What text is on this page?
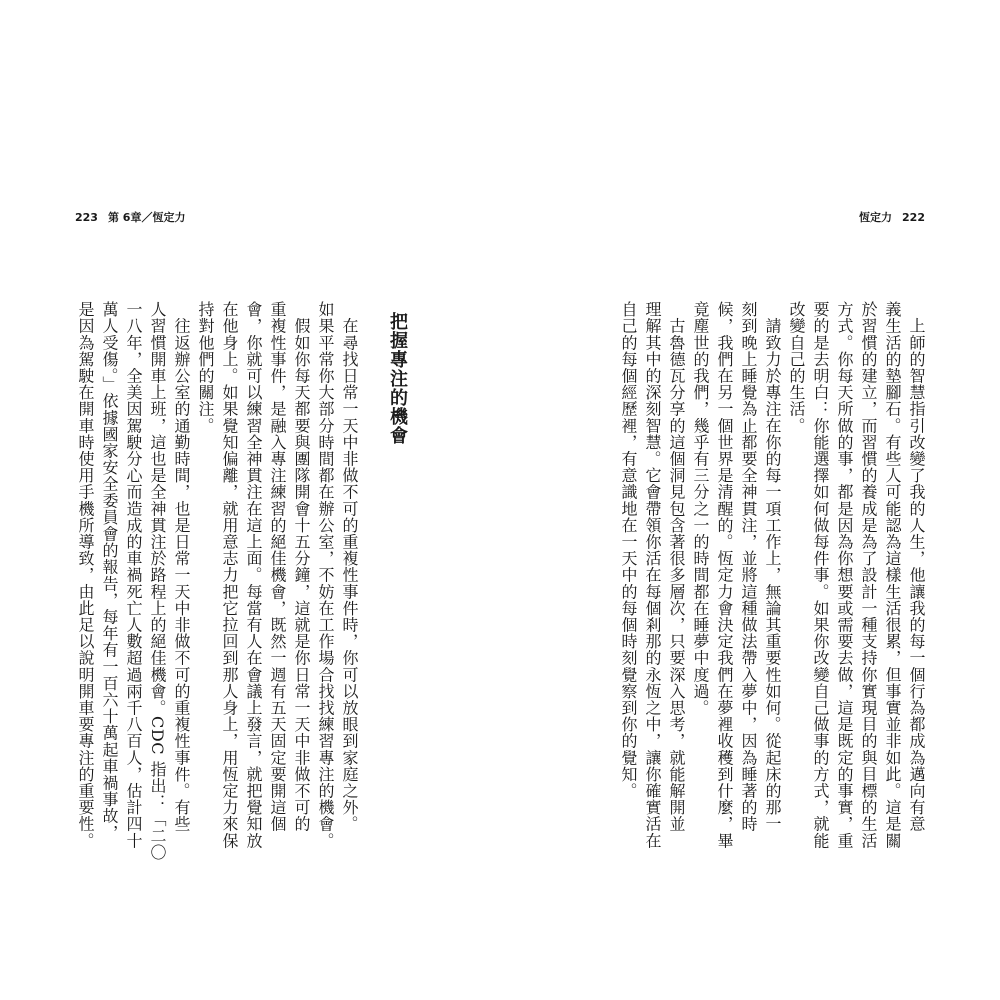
223 第 6章／恆定力	恆定力 222
　上師的智慧指引改變了我的人生，他讓我的每一個行為都成為邁向有意
義生活的墊腳石。有些人可能認為這樣生活很累，但事實並非如此。這是關
於習慣的建立，而習慣的養成是為了設計一種支持你實現目的與目標的生活
方式。你每天所做的事，都是因為你想要或需要去做，這是既定的事實，重
要的是去明白：你能選擇如何做每件事。如果你改變自己做事的方式，就能
改變自己的生活。
　請致力於專注在你的每一項工作上，無論其重要性如何。從起床的那一
刻到晚上睡覺為止都要全神貫注，並將這種做法帶入夢中，因為睡著的時
候，我們在另一個世界是清醒的。恆定力會決定我們在夢裡收穫到什麼，畢
竟塵世的我們，幾乎有三分之一的時間都在睡夢中度過。
　古魯德瓦分享的這個洞見包含著很多層次，只要深入思考，就能解開並
理解其中的深刻智慧。它會帶領你活在每個剎那的永恆之中，讓你確實活在
自己的每個經歷裡，有意識地在一天中的每個時刻覺察到你的覺知。
把握專注的機會
　在尋找日常一天中非做不可的重複性事件時，你可以放眼到家庭之外。
如果平常你大部分時間都在辦公室，不妨在工作場合找找練習專注的機會。
　假如你每天都要與團隊開會十五分鐘，這就是你日常一天中非做不可的
重複性事件，是融入專注練習的絕佳機會，既然一週有五天固定要開這個
會，你就可以練習全神貫注在這上面。每當有人在會議上發言，就把覺知放
在他身上。如果覺知偏離，就用意志力把它拉回到那人身上，用恆定力來保
持對他們的關注。
　往返辦公室的通勤時間，也是日常一天中非做不可的重複性事件。有些
人習慣開車上班，這也是全神貫注於路程上的絕佳機會。CDC 指出：「二〇
一八年，全美因駕駛分心而造成的車禍死亡人數超過兩千八百人，估計四十
萬人受傷。」依據國家安全委員會的報告，每年有一百六十萬起車禍事故，
是因為駕駛在開車時使用手機所導致，由此足以說明開車要專注的重要性。
